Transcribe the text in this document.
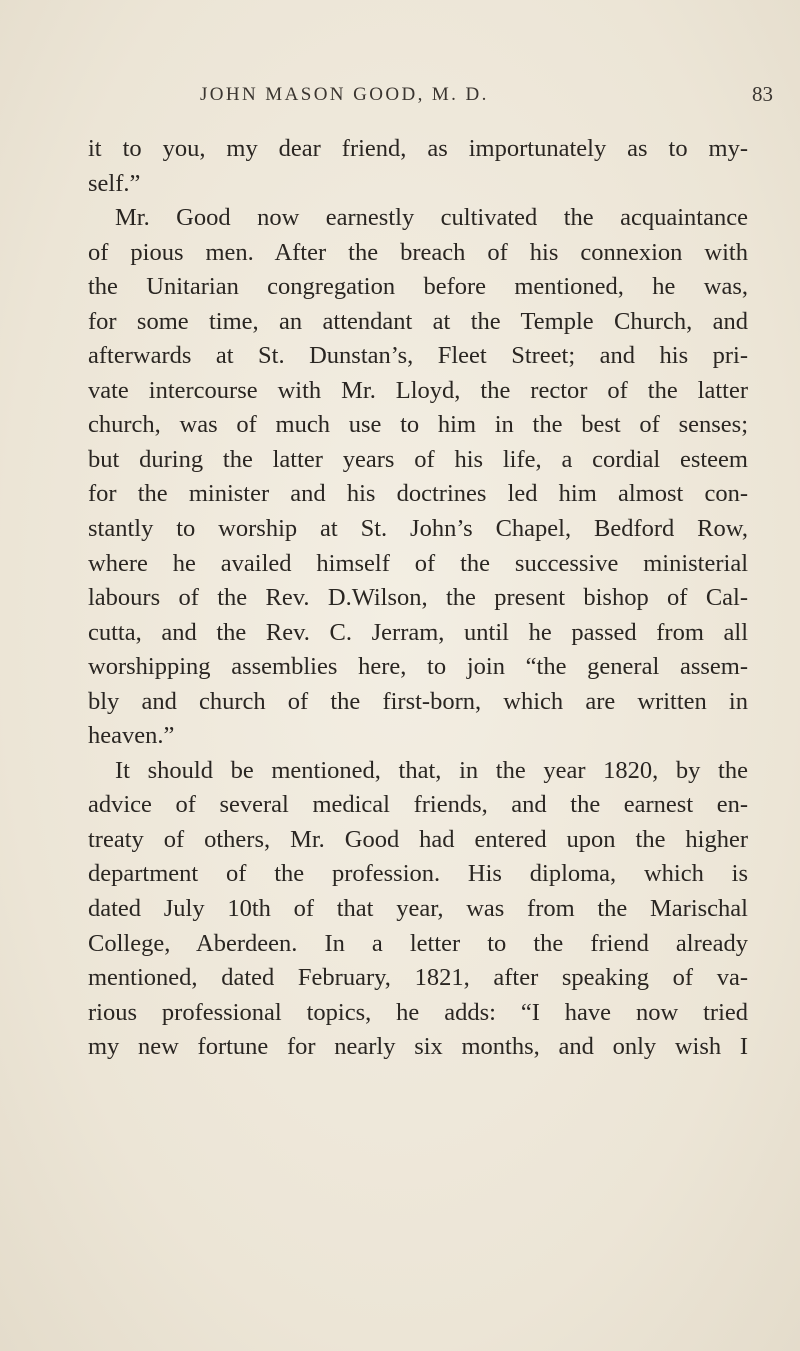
JOHN MASON GOOD, M. D.	83
it to you, my dear friend, as importunately as to my-
self.”
Mr. Good now earnestly cultivated the acquaintance
of pious men. After the breach of his connexion with
the Unitarian congregation before mentioned, he was,
for some time, an attendant at the Temple Church, and
afterwards at St. Dunstan’s, Fleet Street; and his pri-
vate intercourse with Mr. Lloyd, the rector of the latter
church, was of much use to him in the best of senses;
but during the latter years of his life, a cordial esteem
for the minister and his doctrines led him almost con-
stantly to worship at St. John’s Chapel, Bedford Row,
where he availed himself of the successive ministerial
labours of the Rev. D.Wilson, the present bishop of Cal-
cutta, and the Rev. C. Jerram, until he passed from all
worshipping assemblies here, to join “the general assem-
bly and church of the first-born, which are written in
heaven.”
It should be mentioned, that, in the year 1820, by the
advice of several medical friends, and the earnest en-
treaty of others, Mr. Good had entered upon the higher
department of the profession. His diploma, which is
dated July 10th of that year, was from the Marischal
College, Aberdeen. In a letter to the friend already
mentioned, dated February, 1821, after speaking of va-
rious professional topics, he adds: “I have now tried
my new fortune for nearly six months, and only wish I
